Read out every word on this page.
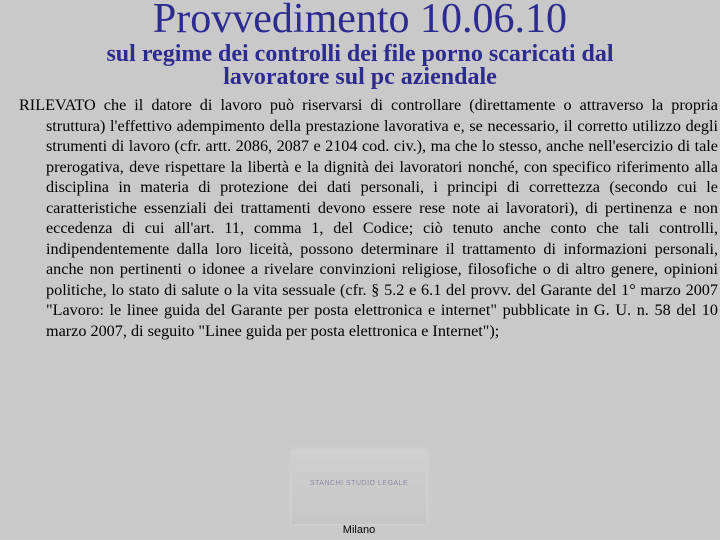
Provvedimento 10.06.10
sul regime dei controlli dei file porno scaricati dal lavoratore sul pc aziendale

RILEVATO che il datore di lavoro può riservarsi di controllare (direttamente o attraverso la propria struttura) l'effettivo adempimento della prestazione lavorativa e, se necessario, il corretto utilizzo degli strumenti di lavoro (cfr. artt. 2086, 2087 e 2104 cod. civ.), ma che lo stesso, anche nell'esercizio di tale prerogativa, deve rispettare la libertà e la dignità dei lavoratori nonché, con specifico riferimento alla disciplina in materia di protezione dei dati personali, i principi di correttezza (secondo cui le caratteristiche essenziali dei trattamenti devono essere rese note ai lavoratori), di pertinenza e non eccedenza di cui all'art. 11, comma 1, del Codice; ciò tenuto anche conto che tali controlli, indipendentemente dalla loro liceità, possono determinare il trattamento di informazioni personali, anche non pertinenti o idonee a rivelare convinzioni religiose, filosofiche o di altro genere, opinioni politiche, lo stato di salute o la vita sessuale (cfr. § 5.2 e 6.1 del provv. del Garante del 1° marzo 2007 "Lavoro: le linee guida del Garante per posta elettronica e internet" pubblicate in G. U. n. 58 del 10 marzo 2007, di seguito "Linee guida per posta elettronica e Internet");

STANCHI STUDIO LEGALE
Milano
